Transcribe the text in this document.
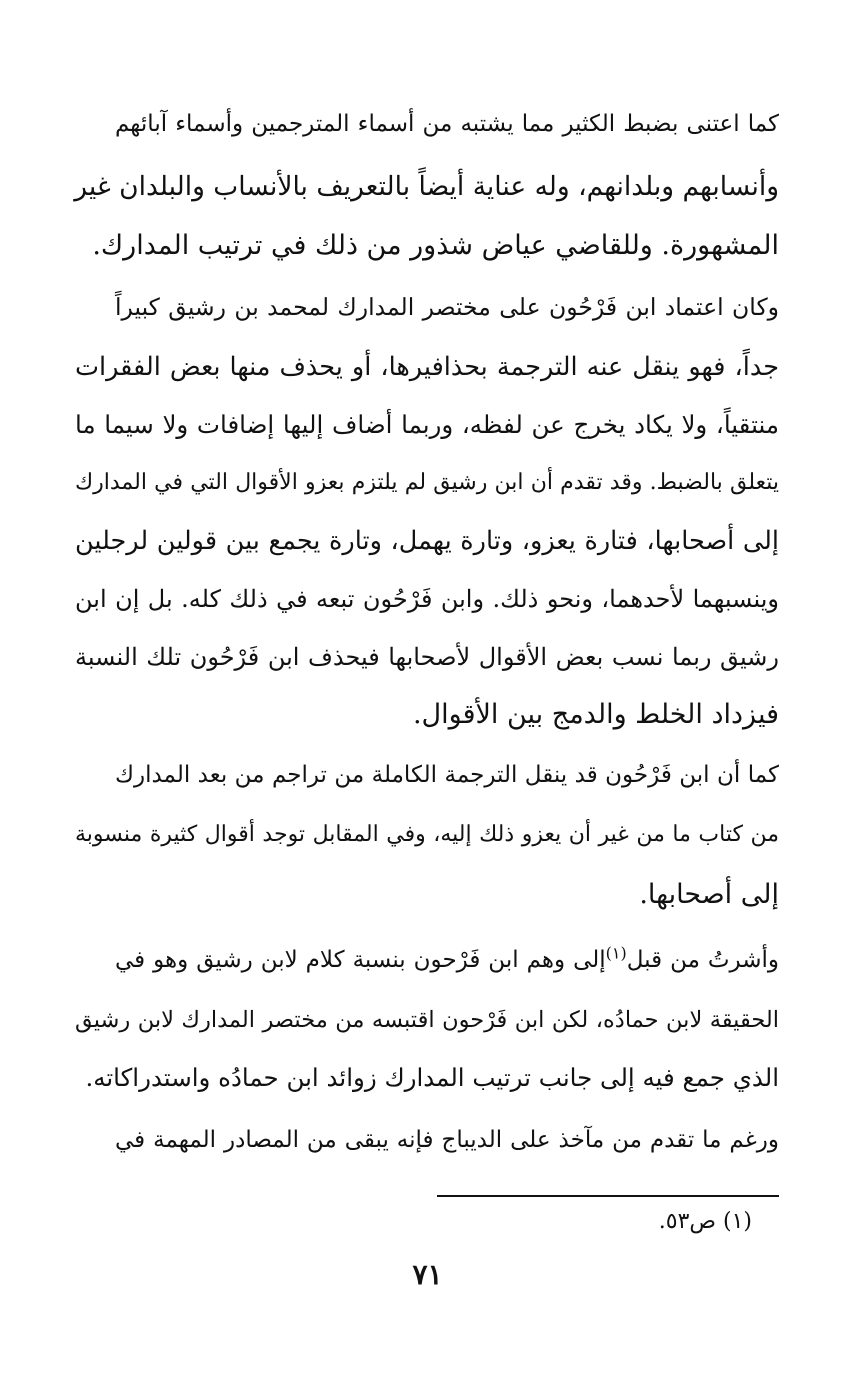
كما اعتنى بضبط الكثير مما يشتبه من أسماء المترجمين وأسماء آبائهم
وأنسابهم وبلدانهم، وله عناية أيضاً بالتعريف بالأنساب والبلدان غير
المشهورة. وللقاضي عياض شذور من ذلك في ترتيب المدارك.
وكان اعتماد ابن فَرْحُون على مختصر المدارك لمحمد بن رشيق كبيراً
جداً، فهو ينقل عنه الترجمة بحذافيرها، أو يحذف منها بعض الفقرات
منتقياً، ولا يكاد يخرج عن لفظه، وربما أضاف إليها إضافات ولا سيما ما
يتعلق بالضبط. وقد تقدم أن ابن رشيق لم يلتزم بعزو الأقوال التي في المدارك
إلى أصحابها، فتارة يعزو، وتارة يهمل، وتارة يجمع بين قولين لرجلين
وينسبهما لأحدهما، ونحو ذلك. وابن فَرْحُون تبعه في ذلك كله. بل إن ابن
رشيق ربما نسب بعض الأقوال لأصحابها فيحذف ابن فَرْحُون تلك النسبة
فيزداد الخلط والدمج بين الأقوال.
كما أن ابن فَرْحُون قد ينقل الترجمة الكاملة من تراجم من بعد المدارك
من كتاب ما من غير أن يعزو ذلك إليه، وفي المقابل توجد أقوال كثيرة منسوبة
إلى أصحابها.
وأشرتُ من قبل$^{(١)}$إلى وهم ابن فَرْحون بنسبة كلام لابن رشيق وهو في
الحقيقة لابن حمادُه، لكن ابن فَرْحون اقتبسه من مختصر المدارك لابن رشيق
الذي جمع فيه إلى جانب ترتيب المدارك زوائد ابن حمادُه واستدراكاته.
ورغم ما تقدم من مآخذ على الديباج فإنه يبقى من المصادر المهمة في
(١) ص٥٣.
٧١
